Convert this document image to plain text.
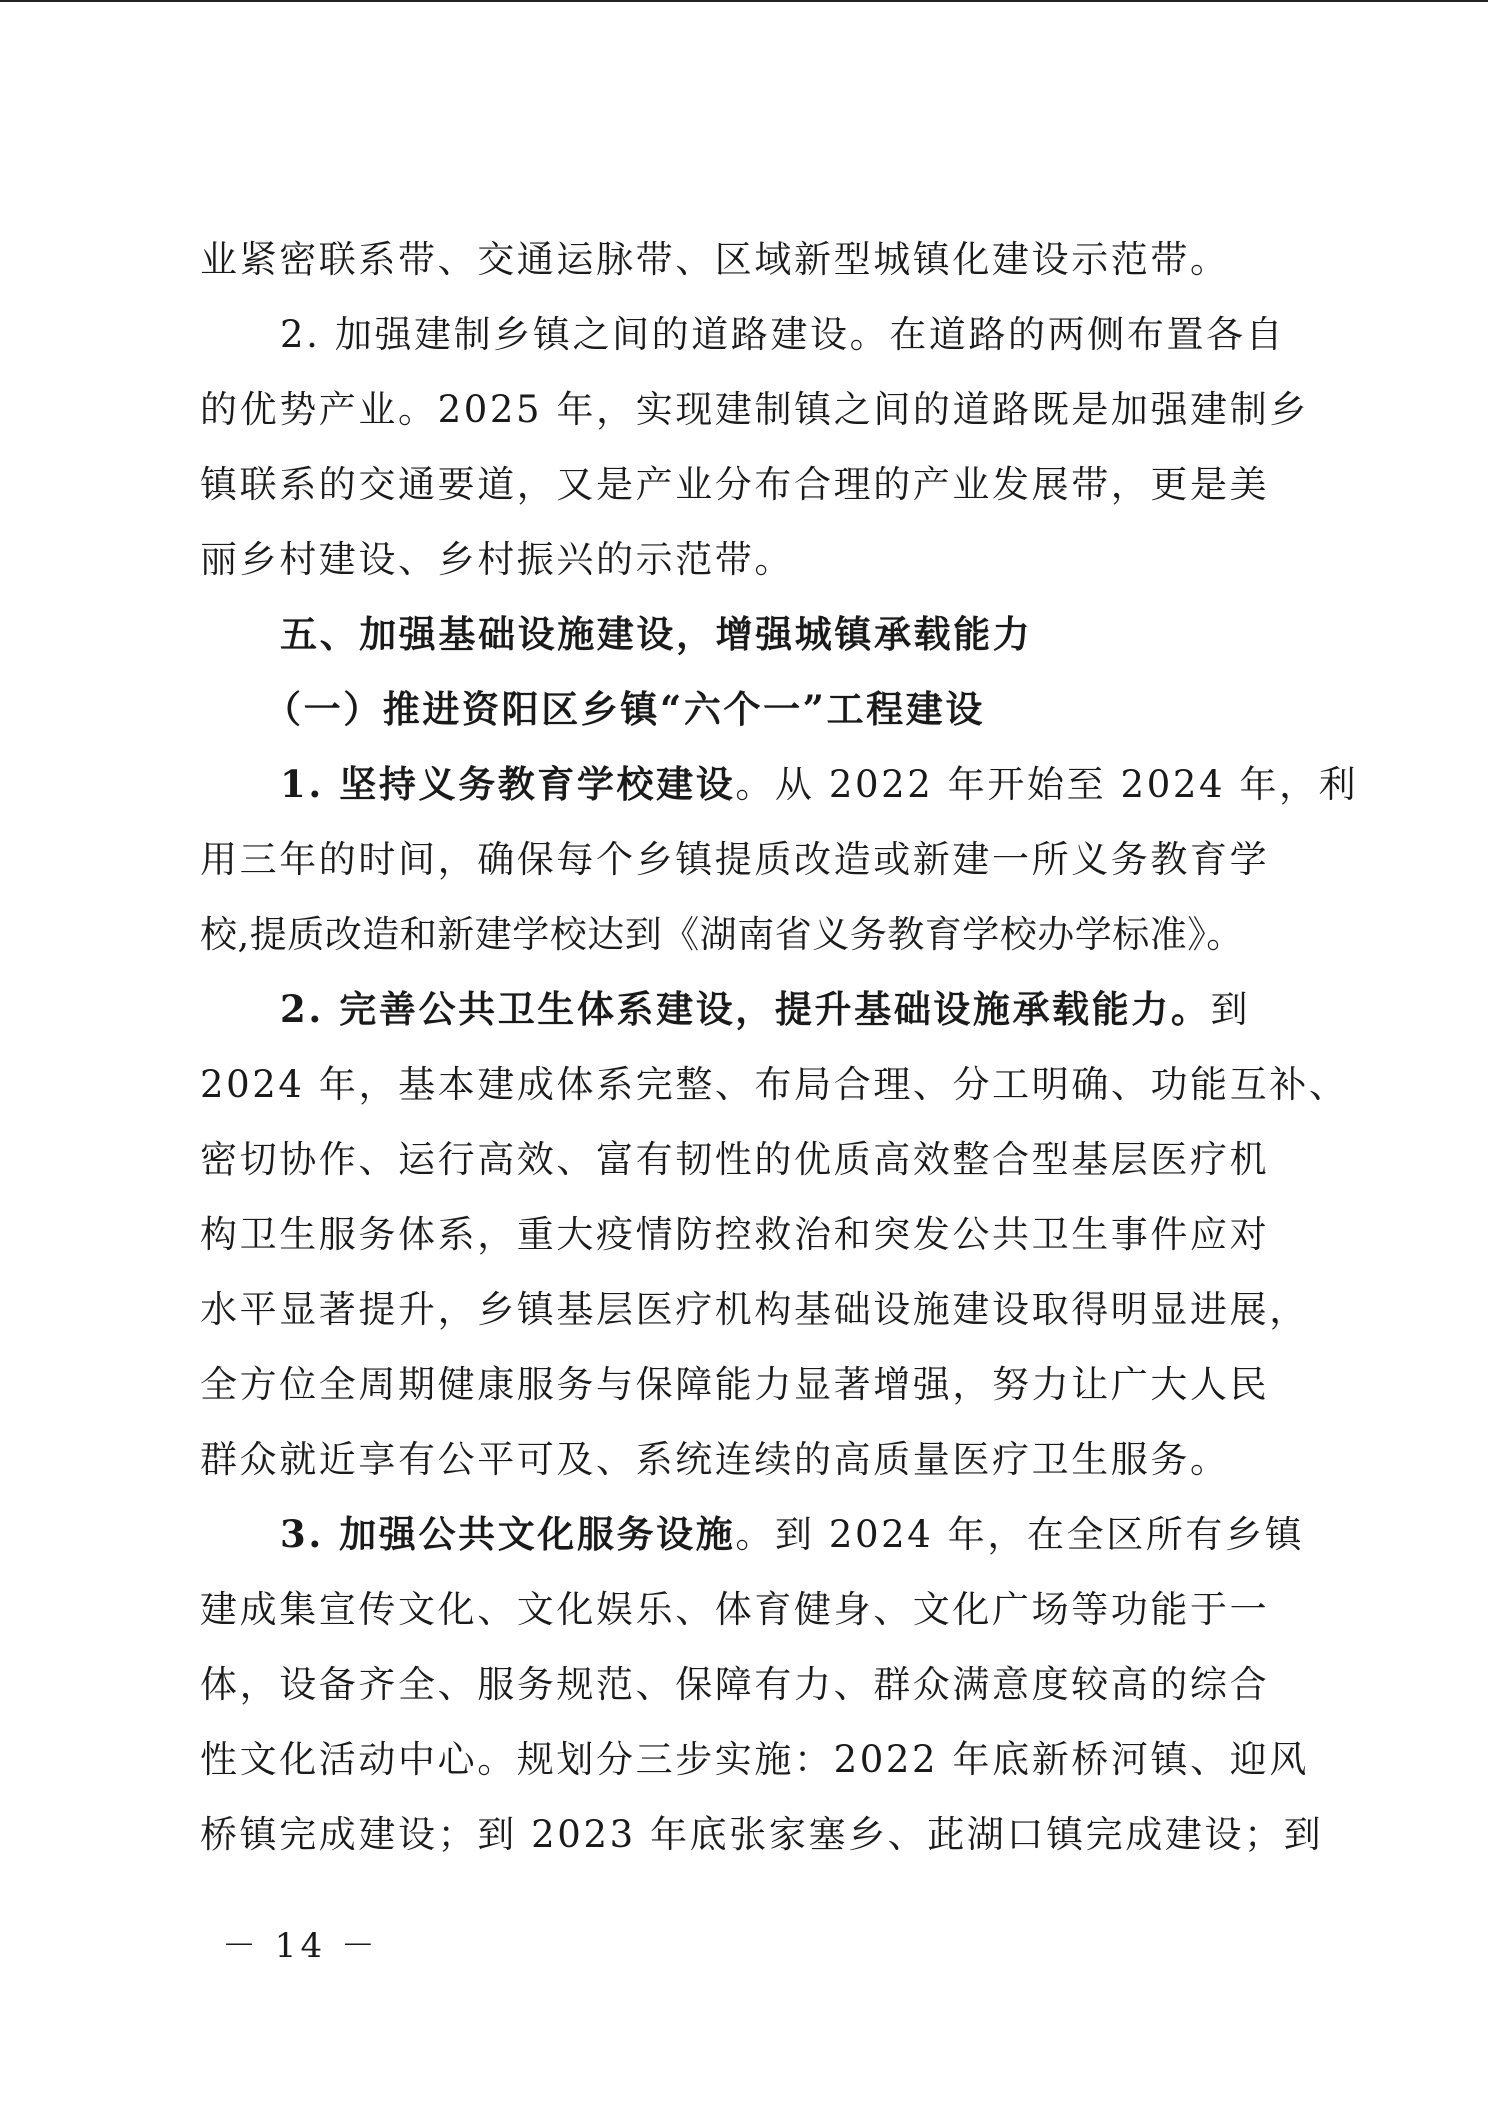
业紧密联系带、交通运脉带、区域新型城镇化建设示范带。
2. 加强建制乡镇之间的道路建设。在道路的两侧布置各自
的优势产业。2025 年，实现建制镇之间的道路既是加强建制乡
镇联系的交通要道，又是产业分布合理的产业发展带，更是美
丽乡村建设、乡村振兴的示范带。
五、加强基础设施建设，增强城镇承载能力
（一）推进资阳区乡镇“六个一”工程建设
1. 坚持义务教育学校建设 。从 2022 年开始至 2024 年，利
用三年的时间，确保每个乡镇提质改造或新建一所义务教育学
校,提质改造和新建学校达到《湖南省义务教育学校办学标准》。
2. 完善公共卫生体系建设，提升基础设施承载能力。 到
2024 年，基本建成体系完整、布局合理、分工明确、功能互补、
密切协作、运行高效、富有韧性的优质高效整合型基层医疗机
构卫生服务体系，重大疫情防控救治和突发公共卫生事件应对
水平显著提升，乡镇基层医疗机构基础设施建设取得明显进展，
全方位全周期健康服务与保障能力显著增强，努力让广大人民
群众就近享有公平可及、系统连续的高质量医疗卫生服务。
3. 加强公共文化服务设施 。到 2024 年，在全区所有乡镇
建成集宣传文化、文化娱乐、体育健身、文化广场等功能于一
体，设备齐全、服务规范、保障有力、群众满意度较高的综合
性文化活动中心。规划分三步实施：2022 年底新桥河镇、迎风
桥镇完成建设；到 2023 年底张家塞乡、茈湖口镇完成建设；到
－ 14 －
